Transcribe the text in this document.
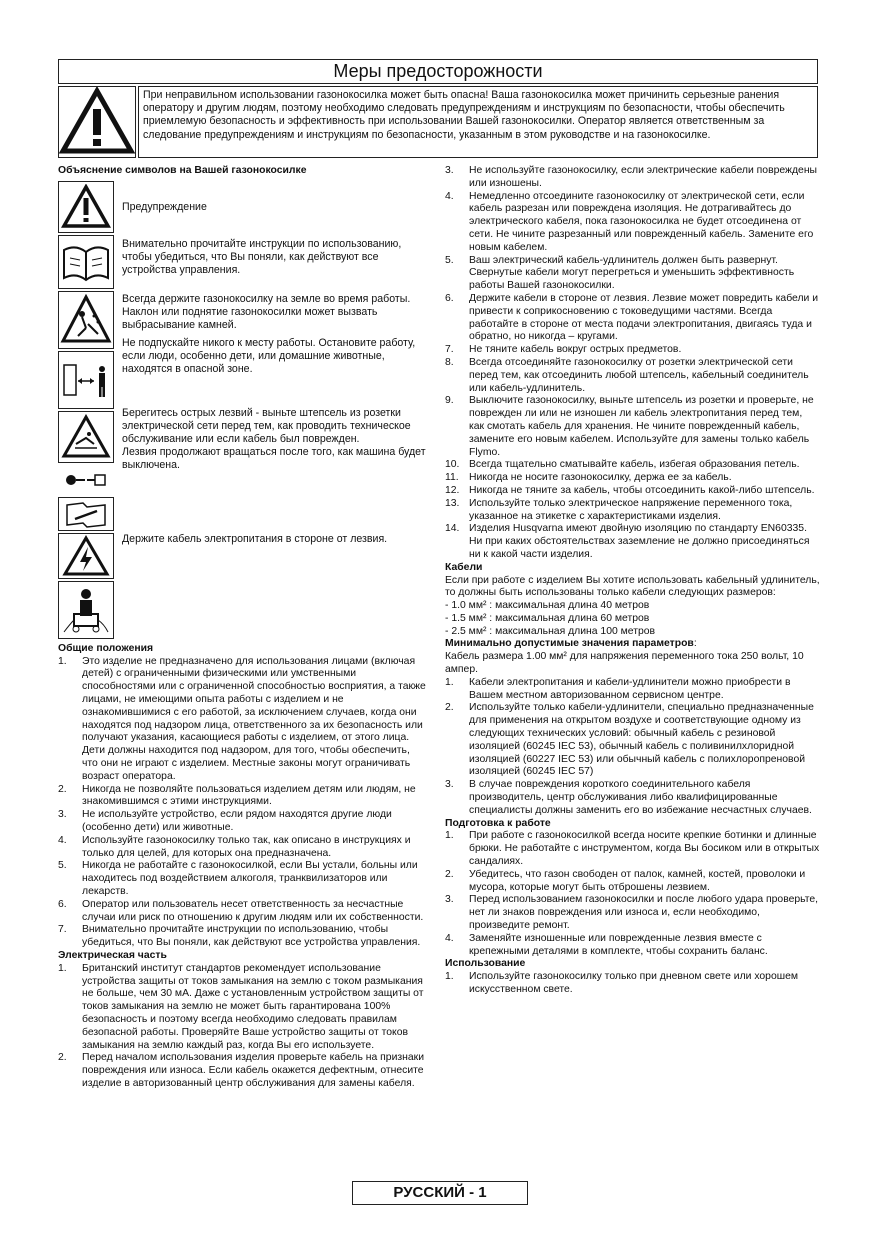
Меры предосторожности
При неправильном использовании газонокосилка может быть опасна! Ваша газонокосилка может причинить серьезные ранения оператору и другим людям, поэтому необходимо следовать предупреждениям и инструкциям по безопасности, чтобы обеспечить приемлемую безопасность и эффективность при использовании Вашей газонокосилки. Оператор является ответственным за следование предупреждениям и инструкциям по безопасности, указанным в этом руководстве и на газонокосилке.
Объяснение символов на Вашей газонокосилке
Предупреждение
Внимательно прочитайте инструкции по использованию, чтобы убедиться, что Вы поняли, как действуют все устройства управления.
Всегда держите газонокосилку на земле во время работы. Наклон или поднятие газонокосилки может вызвать выбрасывание камней.
Не подпускайте никого к месту работы. Остановите работу, если люди, особенно дети, или домашние животные, находятся в опасной зоне.
Берегитесь острых лезвий - выньте штепсель из розетки электрической сети перед тем, как проводить техническое обслуживание или если кабель был поврежден.
Лезвия продолжают вращаться после того, как машина будет выключена.
Держите кабель электропитания в стороне от лезвия.
Общие положения
1.	Это изделие не предназначено для использования лицами (включая детей) с ограниченными физическими или умственными способностями или с ограниченной способностью восприятия, а также лицами, не имеющими опыта работы с изделием и не ознакомившимися с его работой, за исключением случаев, когда они находятся под надзором лица, ответственного за их безопасность или получают указания, касающиеся работы с изделием, от этого лица. Дети должны находится под надзором, для того, чтобы обеспечить, что они не играют с изделием. Местные законы могут ограничивать возраст оператора.
2.	Никогда не позволяйте пользоваться изделием детям или людям, не знакомившимся с этими инструкциями.
3.	Не используйте устройство, если рядом находятся другие люди (особенно дети) или животные.
4.	Используйте газонокосилку только так, как описано в инструкциях и только для целей, для которых она предназначена.
5.	Никогда не работайте с газонокосилкой, если Вы устали, больны или находитесь под воздействием алкоголя, транквилизаторов или лекарств.
6.	Оператор или пользователь несет ответственность за несчастные случаи или риск по отношению к другим людям или их собственности.
7.	Внимательно прочитайте инструкции по использованию, чтобы убедиться, что Вы поняли, как действуют все устройства управления.
Электрическая часть
1.	Британский институт стандартов рекомендует использование устройства защиты от токов замыкания на землю с током размыкания не больше, чем 30 мА. Даже с установленным устройством защиты от токов замыкания на землю не может быть гарантирована 100% безопасность и поэтому всегда необходимо следовать правилам безопасной работы. Проверяйте Ваше устройство защиты от токов замыкания на землю каждый раз, когда Вы его используете.
2.	Перед началом использования изделия проверьте кабель на признаки повреждения или износа. Если кабель окажется дефектным, отнесите изделие в авторизованный центр обслуживания для замены кабеля.
3.	Не используйте газонокосилку, если электрические кабели повреждены или изношены.
4.	Немедленно отсоедините газонокосилку от электрической сети, если кабель разрезан или повреждена изоляция. Не дотрагивайтесь до электрического кабеля, пока газонокосилка не будет отсоединена от сети. Не чините разрезанный или поврежденный кабель. Замените его новым кабелем.
5.	Ваш электрический кабель-удлинитель должен быть развернут. Свернутые кабели могут перегреться и уменьшить эффективность работы Вашей газонокосилки.
6.	Держите кабели в стороне от лезвия. Лезвие может повредить кабели и привести к соприкосновению с токоведущими частями. Всегда работайте в стороне от места подачи электропитания, двигаясь туда и обратно, но никогда – кругами.
7.	Не тяните кабель вокруг острых предметов.
8.	Всегда отсоединяйте газонокосилку от розетки электрической сети перед тем, как отсоединить любой штепсель, кабельный соединитель или кабель-удлинитель.
9.	Выключите газонокосилку, выньте штепсель из розетки и проверьте, не поврежден ли или не изношен ли кабель электропитания перед тем, как смотать кабель для хранения. Не чините поврежденный кабель, замените его новым кабелем. Используйте для замены только кабель Flymo.
10. Всегда тщательно сматывайте кабель, избегая образования петель.
11. Никогда не носите газонокосилку, держа ее за кабель.
12. Никогда не тяните за кабель, чтобы отсоединить какой-либо штепсель.
13. Используйте только электрическое напряжение переменного тока, указанное на этикетке с характеристиками изделия.
14. Изделия Husqvarna имеют двойную изоляцию по стандарту EN60335. Ни при каких обстоятельствах заземление не должно присоединяться ни к какой части изделия.
Кабели
Если при работе с изделием Вы хотите использовать кабельный удлинитель, то должны быть использованы только кабели следующих размеров:
- 1.0 мм² : максимальная длина 40 метров
- 1.5 мм² : максимальная длина 60 метров
- 2.5 мм² : максимальная длина 100 метров
Минимально допустимые значения параметров:
Кабель размера 1.00 мм² для напряжения переменного тока 250 вольт, 10 ампер.
1.	Кабели электропитания и кабели-удлинители можно приобрести в Вашем местном авторизованном сервисном центре.
2.	Используйте только кабели-удлинители, специально предназначенные для применения на открытом воздухе и соответствующие одному из следующих технических условий: обычный кабель с резиновой изоляцией (60245 IEC 53), обычный кабель с поливинилхлоридной изоляцией (60227 IEC 53) или обычный кабель с полихлоропреновой изоляцией (60245 IEC 57)
3.	В случае повреждения короткого соединительного кабеля производитель, центр обслуживания либо квалифицированные специалисты должны заменить его во избежание несчастных случаев.
Подготовка к работе
1.	При работе с газонокосилкой всегда носите крепкие ботинки и длинные брюки. Не работайте с инструментом, когда Вы босиком или в открытых сандалиях.
2.	Убедитесь, что газон свободен от палок, камней, костей, проволоки и мусора, которые могут быть отброшены лезвием.
3.	Перед использованием газонокосилки и после любого удара проверьте, нет ли знаков повреждения или износа и, если необходимо, произведите ремонт.
4.	Заменяйте изношенные или поврежденные лезвия вместе с крепежными деталями в комплекте, чтобы сохранить баланс.
Использование
1.	Используйте газонокосилку только при дневном свете или хорошем искусственном свете.
РУССКИЙ - 1
